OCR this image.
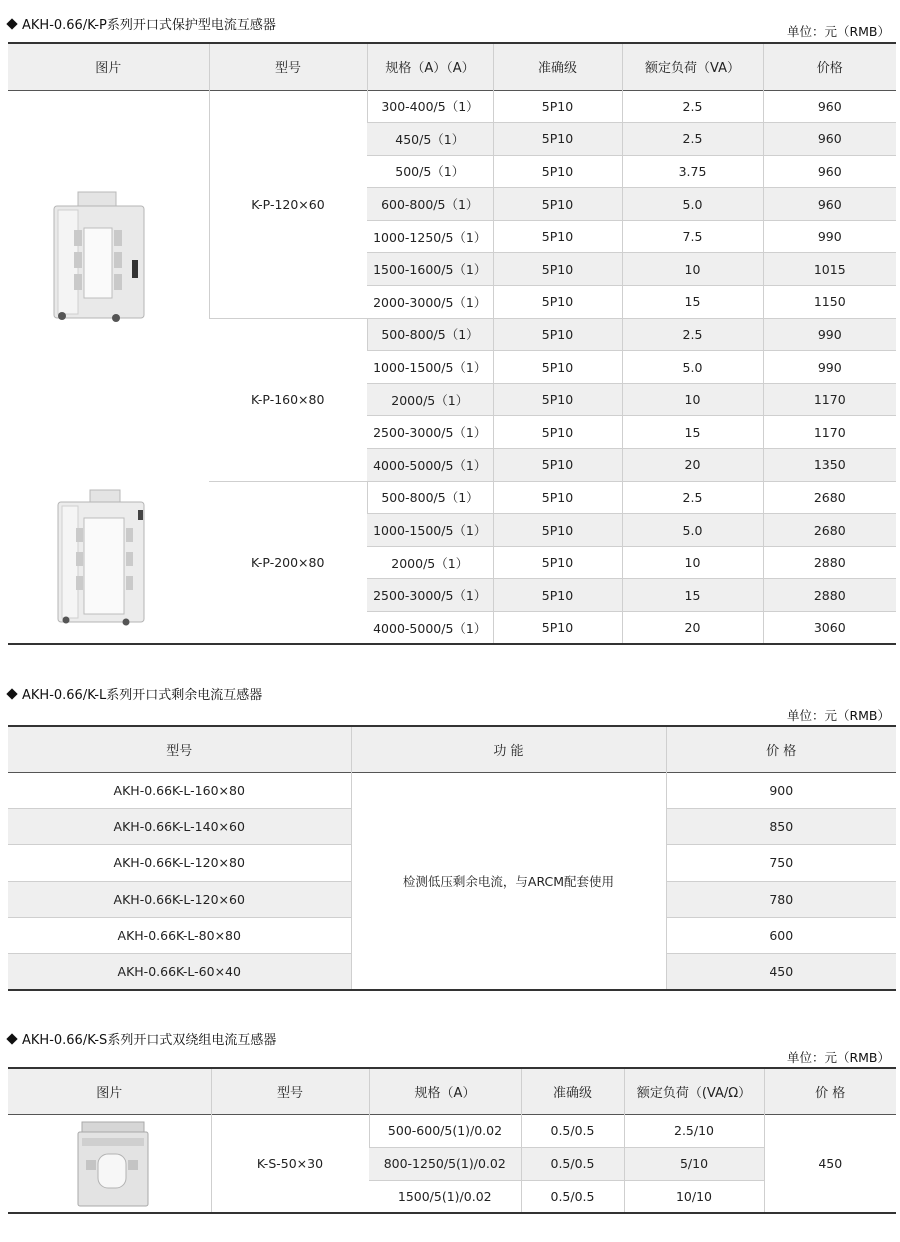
AKH-0.66/K-P系列开口式保护型电流互感器	单位：元（RMB）
图片	型号	规格（A）（A）	准确级	额定负荷（VA）	价格
	K-P-120×60	300-400/5（1）	5P10	2.5	960
		450/5（1）	5P10	2.5	960
		500/5（1）	5P10	3.75	960
		600-800/5（1）	5P10	5.0	960
		1000-1250/5（1）	5P10	7.5	990
		1500-1600/5（1）	5P10	10	1015
		2000-3000/5（1）	5P10	15	1150
	K-P-160×80	500-800/5（1）	5P10	2.5	990
		1000-1500/5（1）	5P10	5.0	990
		2000/5（1）	5P10	10	1170
		2500-3000/5（1）	5P10	15	1170
		4000-5000/5（1）	5P10	20	1350
	K-P-200×80	500-800/5（1）	5P10	2.5	2680
		1000-1500/5（1）	5P10	5.0	2680
		2000/5（1）	5P10	10	2880
		2500-3000/5（1）	5P10	15	2880
		4000-5000/5（1）	5P10	20	3060
AKH-0.66/K-L系列开口式剩余电流互感器
单位：元（RMB）
型号	功 能	价 格
AKH-0.66K-L-160×80	检测低压剩余电流，与ARCM配套使用	900
AKH-0.66K-L-140×60		850
AKH-0.66K-L-120×80		750
AKH-0.66K-L-120×60		780
AKH-0.66K-L-80×80		600
AKH-0.66K-L-60×40		450
AKH-0.66/K-S系列开口式双绕组电流互感器
单位：元（RMB）
图片	型号	规格（A）	准确级	额定负荷（(VA/Ω）	价 格
	K-S-50×30	500-600/5(1)/0.02	0.5/0.5	2.5/10	450
		800-1250/5(1)/0.02	0.5/0.5	5/10	
		1500/5(1)/0.02	0.5/0.5	10/10	
